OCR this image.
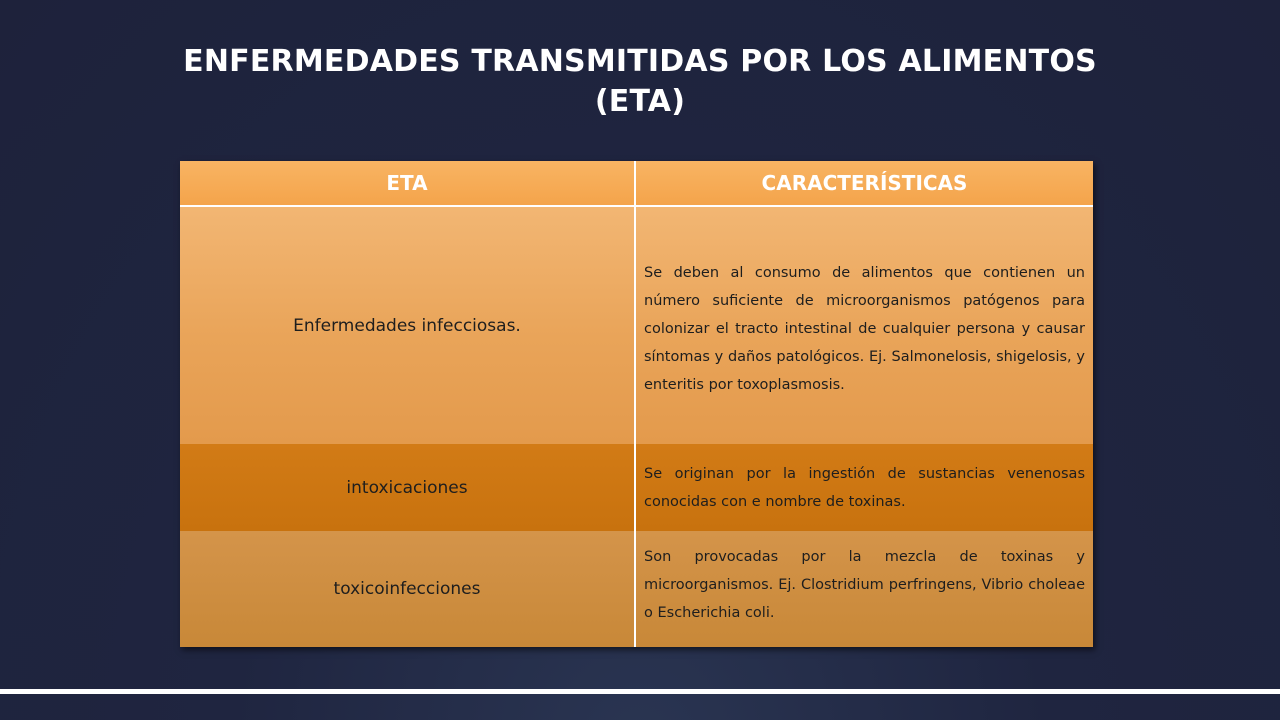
ENFERMEDADES TRANSMITIDAS POR LOS ALIMENTOS (ETA)
ETA	CARACTERÍSTICAS
Enfermedades infecciosas.
Se deben al consumo de alimentos que contienen un número suficiente de microorganismos patógenos para colonizar el tracto intestinal de cualquier persona y causar síntomas y daños patológicos. Ej. Salmonelosis, shigelosis, y enteritis por toxoplasmosis.
intoxicaciones
Se originan por la ingestión de sustancias venenosas conocidas con e nombre de toxinas.
toxicoinfecciones
Son provocadas por la mezcla de toxinas y microorganismos. Ej. Clostridium perfringens, Vibrio choleae o Escherichia coli.
